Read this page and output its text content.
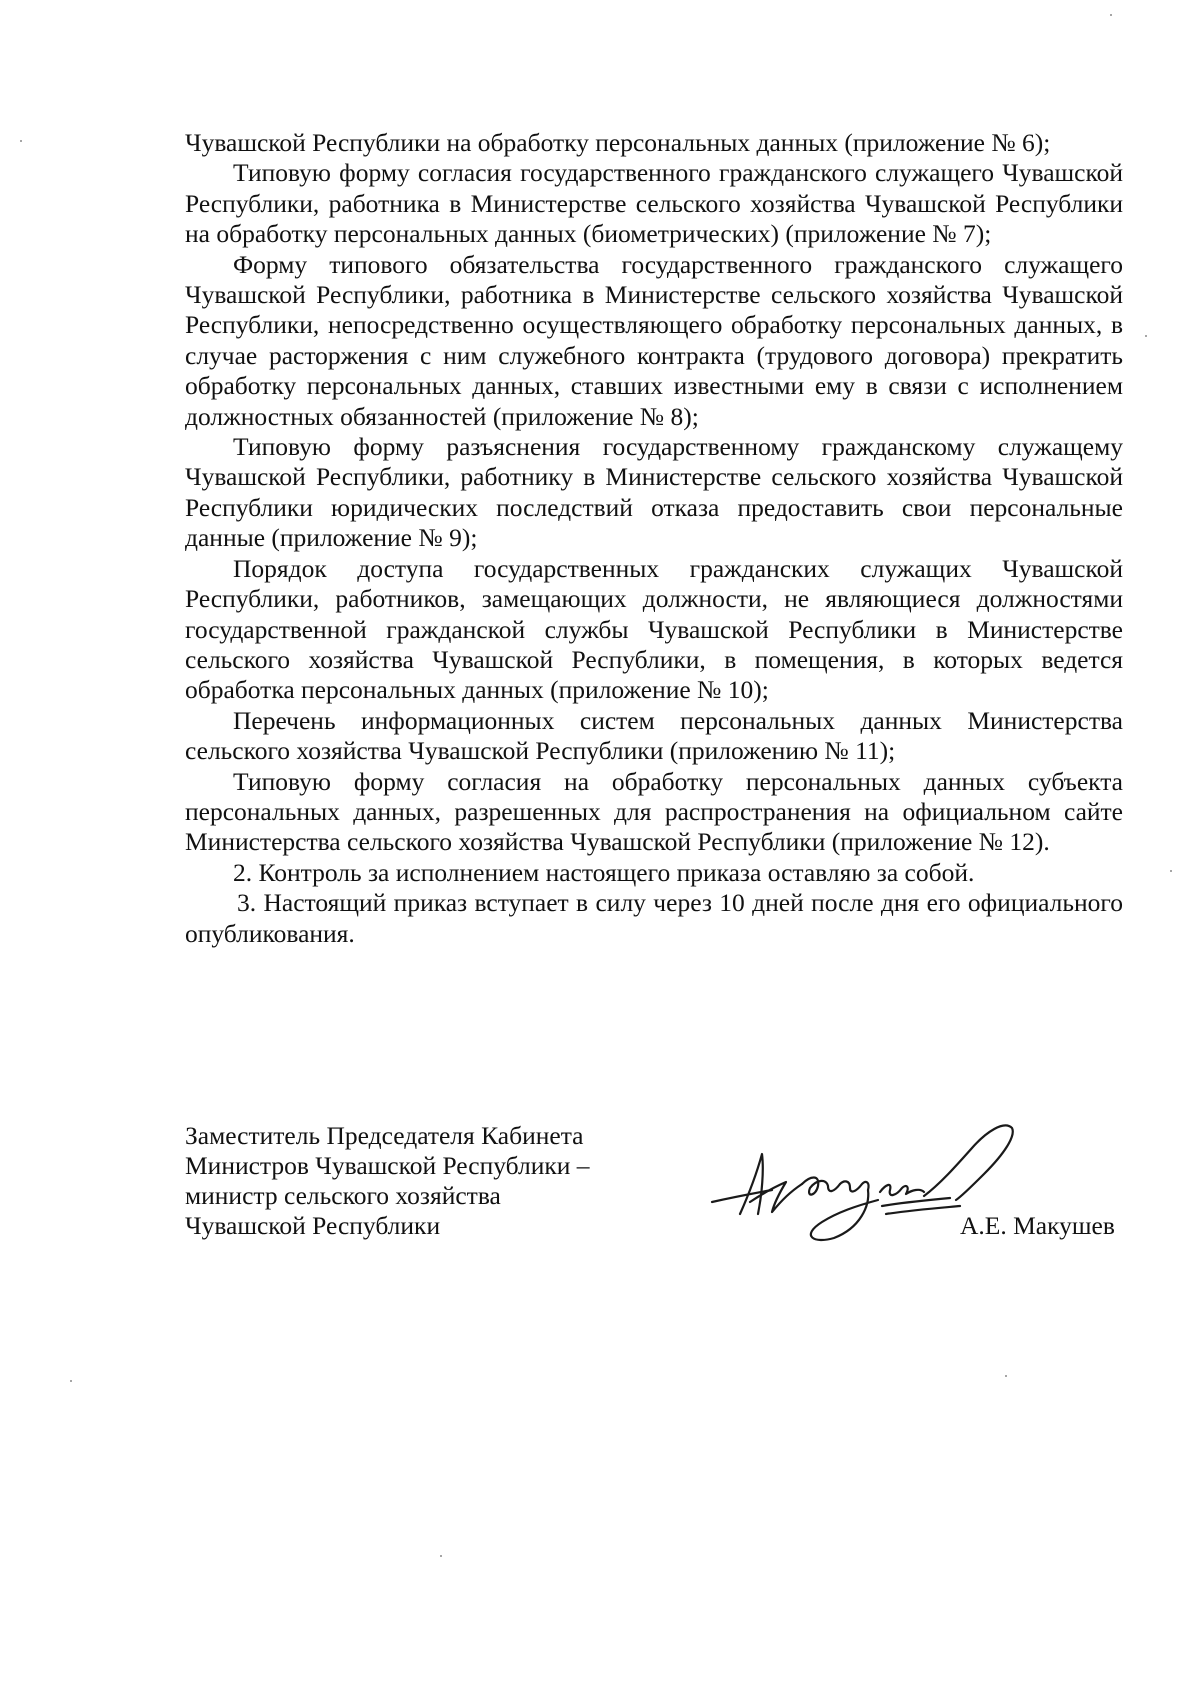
Чувашской Республики на обработку персональных данных (приложение № 6);

Типовую форму согласия государственного гражданского служащего Чувашской Республики, работника в Министерстве сельского хозяйства Чувашской Республики на обработку персональных данных (биометрических) (приложение № 7);

Форму типового обязательства государственного гражданского служащего Чувашской Республики, работника в Министерстве сельского хозяйства Чувашской Республики, непосредственно осуществляющего обработку персональных данных, в случае расторжения с ним служебного контракта (трудового договора) прекратить обработку персональных данных, ставших известными ему в связи с исполнением должностных обязанностей (приложение № 8);

Типовую форму разъяснения государственному гражданскому служащему Чувашской Республики, работнику в Министерстве сельского хозяйства Чувашской Республики юридических последствий отказа предоставить свои персональные данные (приложение № 9);

Порядок доступа государственных гражданских служащих Чувашской Республики, работников, замещающих должности, не являющиеся должностями государственной гражданской службы Чувашской Республики в Министерстве сельского хозяйства Чувашской Республики, в помещения, в которых ведется обработка персональных данных (приложение № 10);

Перечень информационных систем персональных данных Министерства сельского хозяйства Чувашской Республики (приложению № 11);

Типовую форму согласия на обработку персональных данных субъекта персональных данных, разрешенных для распространения на официальном сайте Министерства сельского хозяйства Чувашской Республики (приложение № 12).

2. Контроль за исполнением настоящего приказа оставляю за собой.

3. Настоящий приказ вступает в силу через 10 дней после дня его официального опубликования.

Заместитель Председателя Кабинета
Министров Чувашской Республики –
министр сельского хозяйства
Чувашской Республики	А.Е. Макушев
